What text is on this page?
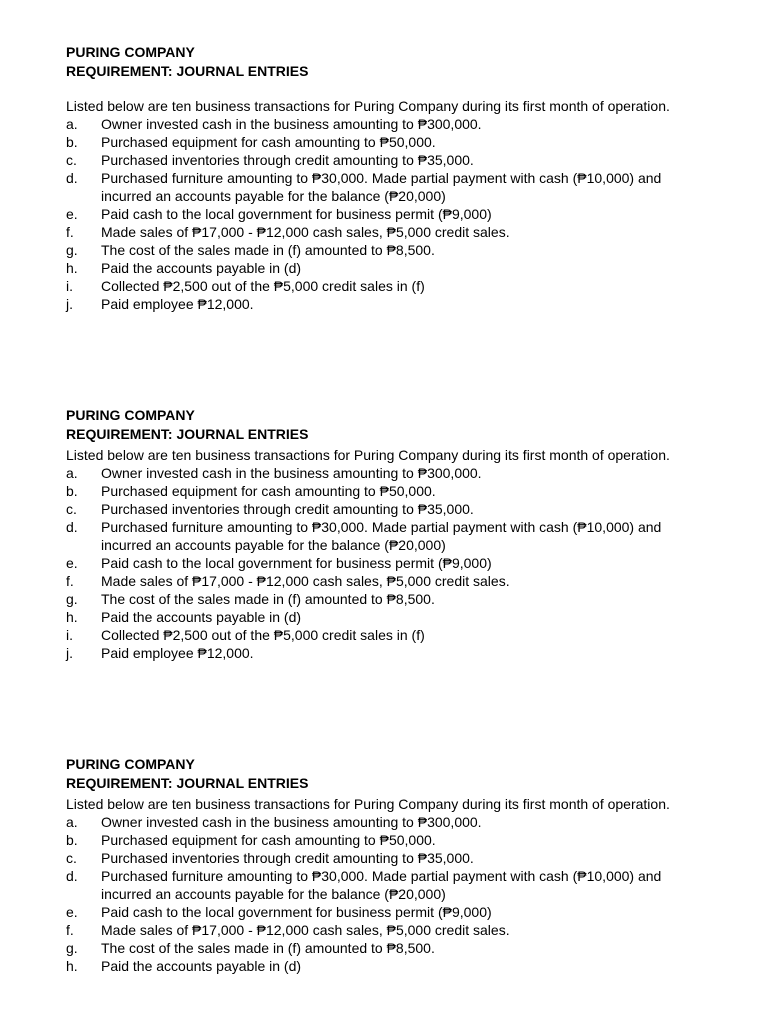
PURING COMPANY

REQUIREMENT: JOURNAL ENTRIES

Listed below are ten business transactions for Puring Company during its first month of operation.

a. Owner invested cash in the business amounting to ₱300,000.
b. Purchased equipment for cash amounting to ₱50,000.
c. Purchased inventories through credit amounting to ₱35,000.
d. Purchased furniture amounting to ₱30,000. Made partial payment with cash (₱10,000) and incurred an accounts payable for the balance (₱20,000)
e. Paid cash to the local government for business permit (₱9,000)
f. Made sales of ₱17,000 - ₱12,000 cash sales, ₱5,000 credit sales.
g. The cost of the sales made in (f) amounted to ₱8,500.
h. Paid the accounts payable in (d)
i. Collected ₱2,500 out of the ₱5,000 credit sales in (f)
j. Paid employee ₱12,000.

PURING COMPANY

REQUIREMENT: JOURNAL ENTRIES

Listed below are ten business transactions for Puring Company during its first month of operation.

a. Owner invested cash in the business amounting to ₱300,000.
b. Purchased equipment for cash amounting to ₱50,000.
c. Purchased inventories through credit amounting to ₱35,000.
d. Purchased furniture amounting to ₱30,000. Made partial payment with cash (₱10,000) and incurred an accounts payable for the balance (₱20,000)
e. Paid cash to the local government for business permit (₱9,000)
f. Made sales of ₱17,000 - ₱12,000 cash sales, ₱5,000 credit sales.
g. The cost of the sales made in (f) amounted to ₱8,500.
h. Paid the accounts payable in (d)
i. Collected ₱2,500 out of the ₱5,000 credit sales in (f)
j. Paid employee ₱12,000.

PURING COMPANY

REQUIREMENT: JOURNAL ENTRIES

Listed below are ten business transactions for Puring Company during its first month of operation.

a. Owner invested cash in the business amounting to ₱300,000.
b. Purchased equipment for cash amounting to ₱50,000.
c. Purchased inventories through credit amounting to ₱35,000.
d. Purchased furniture amounting to ₱30,000. Made partial payment with cash (₱10,000) and incurred an accounts payable for the balance (₱20,000)
e. Paid cash to the local government for business permit (₱9,000)
f. Made sales of ₱17,000 - ₱12,000 cash sales, ₱5,000 credit sales.
g. The cost of the sales made in (f) amounted to ₱8,500.
h. Paid the accounts payable in (d)
